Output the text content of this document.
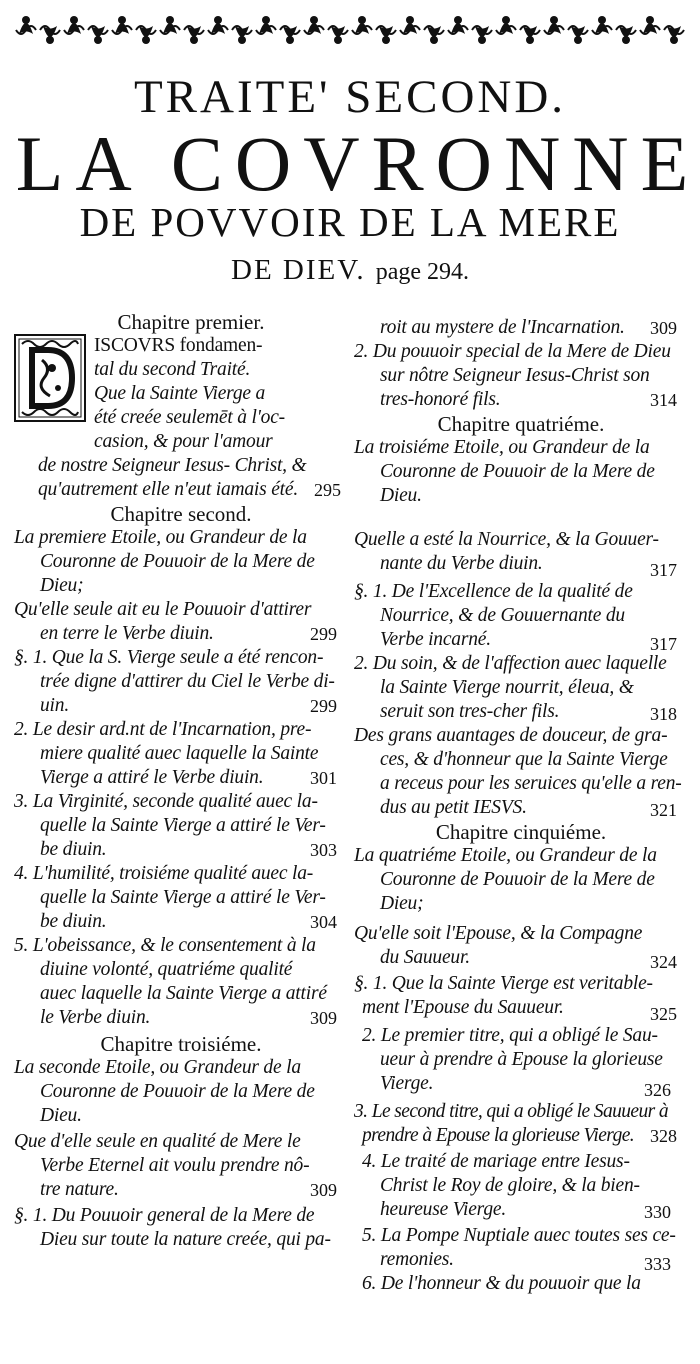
TRAITE' SECOND.
LA COVRONNE
DE POVVOIR DE LA MERE
DE DIEV. page 294.
Chapitre premier.
ISCOVRS fondamen-
tal du second Traité.
Que la Sainte Vierge a
été creée seulemēt à l'oc-
casion, & pour l'amour
de nostre Seigneur Iesus- Christ, &
qu'autrement elle n'eut iamais été. 295
Chapitre second.
La premiere Etoile, ou Grandeur de la
Couronne de Pouuoir de la Mere de
Dieu;
Qu'elle seule ait eu le Pouuoir d'attirer
en terre le Verbe diuin.	299
§. 1. Que la S. Vierge seule a été rencon-
trée digne d'attirer du Ciel le Verbe di-
uin.	299
2. Le desir ard.nt de l'Incarnation, pre-
miere qualité auec laquelle la Sainte
Vierge a attiré le Verbe diuin.	301
3. La Virginité, seconde qualité auec la-
quelle la Sainte Vierge a attiré le Ver-
be diuin.	303
4. L'humilité, troisiéme qualité auec la-
quelle la Sainte Vierge a attiré le Ver-
be diuin.	304
5. L'obeissance, & le consentement à la
diuine volonté, quatriéme qualité
auec laquelle la Sainte Vierge a attiré
le Verbe diuin.	309
Chapitre troisiéme.
La seconde Etoile, ou Grandeur de la
Couronne de Pouuoir de la Mere de
Dieu.
Que d'elle seule en qualité de Mere le
Verbe Eternel ait voulu prendre nô-
tre nature.	309
§. 1. Du Pouuoir general de la Mere de
Dieu sur toute la nature creée, qui pa-
roit au mystere de l'Incarnation. 309
2. Du pouuoir special de la Mere de Dieu
sur nôtre Seigneur Iesus-Christ son
tres-honoré fils.	314
Chapitre quatriéme.
La troisiéme Etoile, ou Grandeur de la
Couronne de Pouuoir de la Mere de
Dieu.
Quelle a esté la Nourrice, & la Gouuer-
nante du Verbe diuin.	317
§. 1. De l'Excellence de la qualité de
Nourrice, & de Gouuernante du
Verbe incarné.	317
2. Du soin, & de l'affection auec laquelle
la Sainte Vierge nourrit, éleua, &
seruit son tres-cher fils.	318
Des grans auantages de douceur, de gra-
ces, & d'honneur que la Sainte Vierge
a receus pour les seruices qu'elle a ren-
dus au petit IESVS.	321
Chapitre cinquiéme.
La quatriéme Etoile, ou Grandeur de la
Couronne de Pouuoir de la Mere de
Dieu;
Qu'elle soit l'Epouse, & la Compagne
du Sauueur.	324
§. 1. Que la Sainte Vierge est veritable-
ment l'Epouse du Sauueur.	325
2. Le premier titre, qui a obligé le Sau-
ueur à prendre à Epouse la glorieuse
Vierge.	326
3. Le second titre, qui a obligé le Sauueur à
prendre à Epouse la glorieuse Vierge. 328
4. Le traité de mariage entre Iesus-
Christ le Roy de gloire, & la bien-
heureuse Vierge.	330
5. La Pompe Nuptiale auec toutes ses ce-
remonies.	333
6. De l'honneur & du pouuoir que la
